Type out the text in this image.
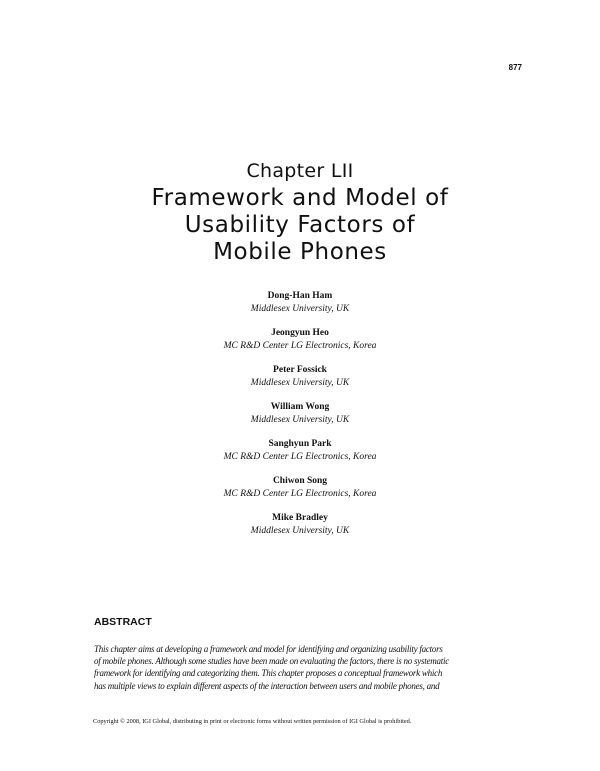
877
Chapter LII
Framework and Model of
Usability Factors of
Mobile Phones
Dong-Han Ham
Middlesex University, UK
Jeongyun Heo
MC R&D Center LG Electronics, Korea
Peter Fossick
Middlesex University, UK
William Wong
Middlesex University, UK
Sanghyun Park
MC R&D Center LG Electronics, Korea
Chiwon Song
MC R&D Center LG Electronics, Korea
Mike Bradley
Middlesex University, UK
ABSTRACT
This chapter aims at developing a framework and model for identifying and organizing usability factors
of mobile phones. Although some studies have been made on evaluating the factors, there is no systematic
framework for identifying and categorizing them. This chapter proposes a conceptual framework which
has multiple views to explain different aspects of the interaction between users and mobile phones, and
Copyright © 2008, IGI Global, distributing in print or electronic forms without written permission of IGI Global is prohibited.
